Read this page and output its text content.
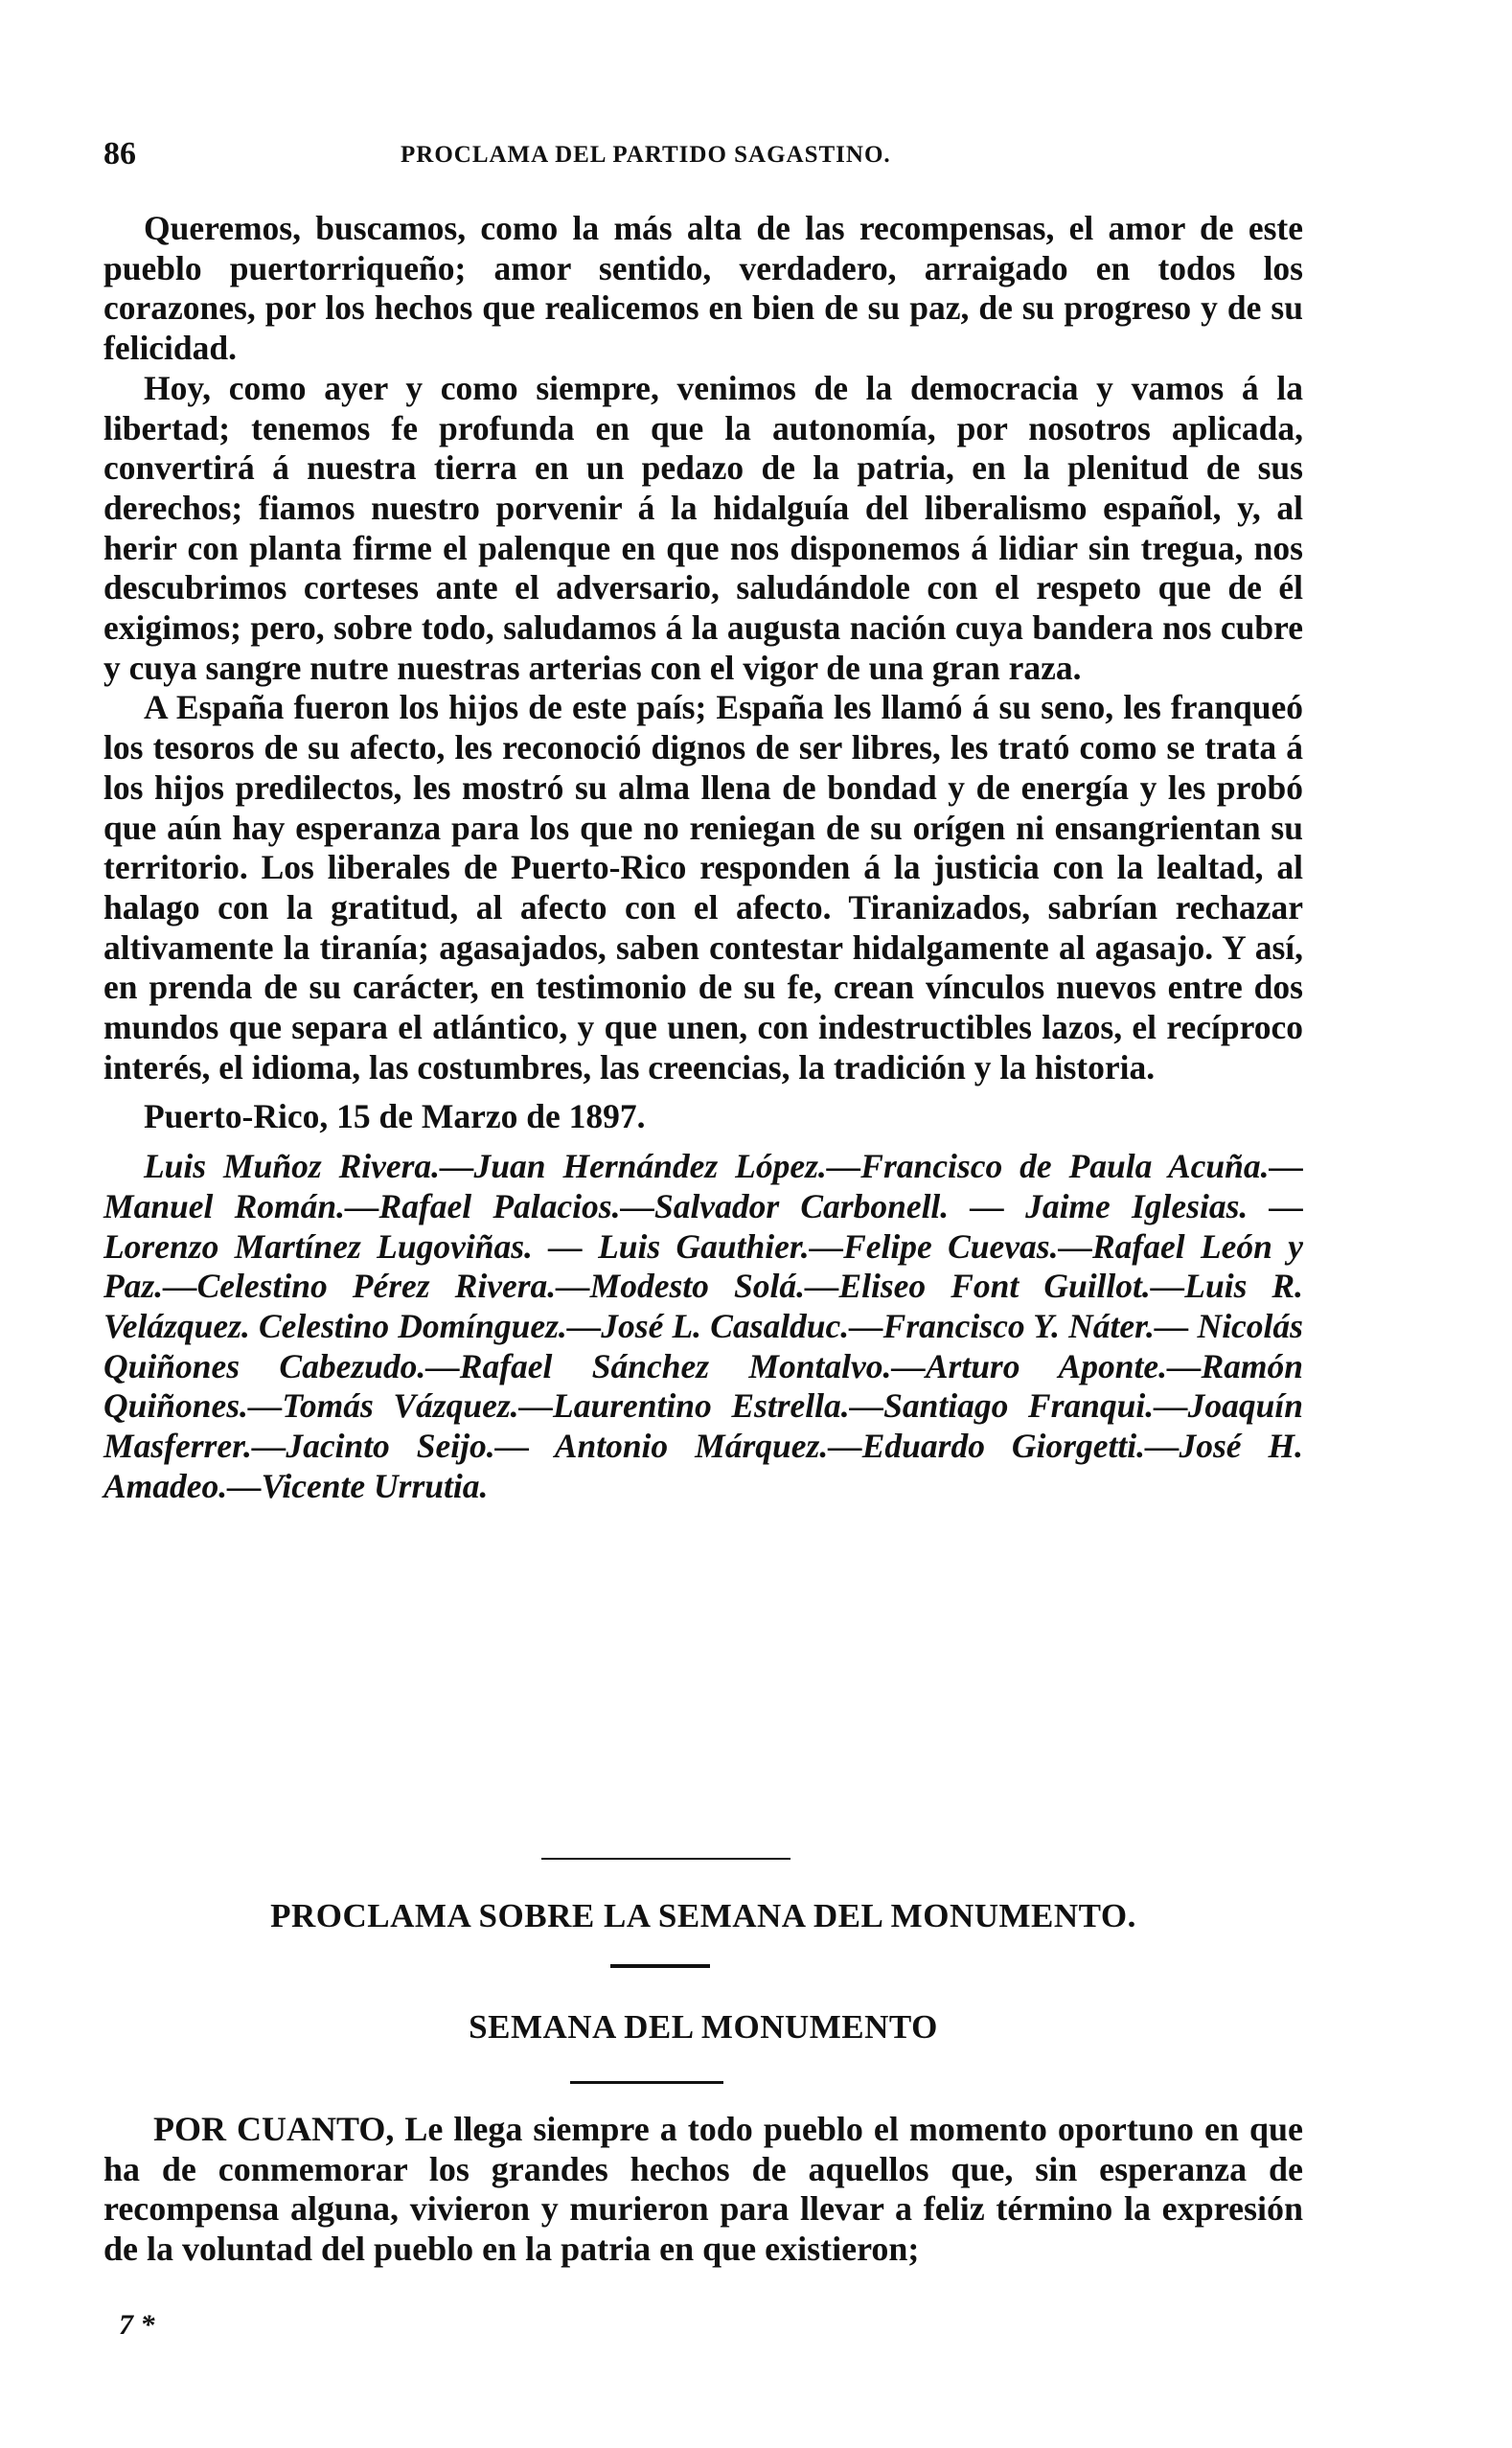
86	PROCLAMA DEL PARTIDO SAGASTINO.

Queremos, buscamos, como la más alta de las recompensas, el amor de este pueblo puertorriqueño; amor sentido, verdadero, arraigado en todos los corazones, por los hechos que realicemos en bien de su paz, de su progreso y de su felicidad.

Hoy, como ayer y como siempre, venimos de la democracia y vamos á la libertad; tenemos fe profunda en que la autonomía, por nosotros aplicada, convertirá á nuestra tierra en un pedazo de la patria, en la plenitud de sus derechos; fiamos nuestro porvenir á la hidalguía del liberalismo español, y, al herir con planta firme el palenque en que nos disponemos á lidiar sin tregua, nos descubrimos corteses ante el adversario, saludándole con el respeto que de él exigimos; pero, sobre todo, saludamos á la augusta nación cuya bandera nos cubre y cuya sangre nutre nuestras arterias con el vigor de una gran raza.

A España fueron los hijos de este país; España les llamó á su seno, les franqueó los tesoros de su afecto, les reconoció dignos de ser libres, les trató como se trata á los hijos predilectos, les mostró su alma llena de bondad y de energía y les probó que aún hay esperanza para los que no reniegan de su orígen ni ensangrientan su territorio. Los liberales de Puerto-Rico responden á la justicia con la lealtad, al halago con la gratitud, al afecto con el afecto. Tiranizados, sabrían rechazar altivamente la tiranía; agasajados, saben contestar hidalgamente al agasajo. Y así, en prenda de su carácter, en testimonio de su fe, crean vínculos nuevos entre dos mundos que separa el atlántico, y que unen, con indestructibles lazos, el recíproco interés, el idioma, las costumbres, las creencias, la tradición y la historia.

Puerto-Rico, 15 de Marzo de 1897.

Luis Muñoz Rivera.—Juan Hernández López.—Francisco de Paula Acuña.—Manuel Román.—Rafael Palacios.—Salvador Carbonell. — Jaime Iglesias. — Lorenzo Martínez Lugoviñas. — Luis Gauthier.—Felipe Cuevas.—Rafael León y Paz.—Celestino Pérez Rivera.—Modesto Solá.—Eliseo Font Guillot.—Luis R. Velázquez. Celestino Domínguez.—José L. Casalduc.—Francisco Y. Náter.— Nicolás Quiñones Cabezudo.—Rafael Sánchez Montalvo.—Arturo Aponte.—Ramón Quiñones.—Tomás Vázquez.—Laurentino Estrella.—Santiago Franqui.—Joaquín Masferrer.—Jacinto Seijo.— Antonio Márquez.—Eduardo Giorgetti.—José H. Amadeo.—Vicente Urrutia.

PROCLAMA SOBRE LA SEMANA DEL MONUMENTO.
SEMANA DEL MONUMENTO

POR CUANTO, Le llega siempre a todo pueblo el momento oportuno en que ha de conmemorar los grandes hechos de aquellos que, sin esperanza de recompensa alguna, vivieron y murieron para llevar a feliz término la expresión de la voluntad del pueblo en la patria en que existieron;

7 *
